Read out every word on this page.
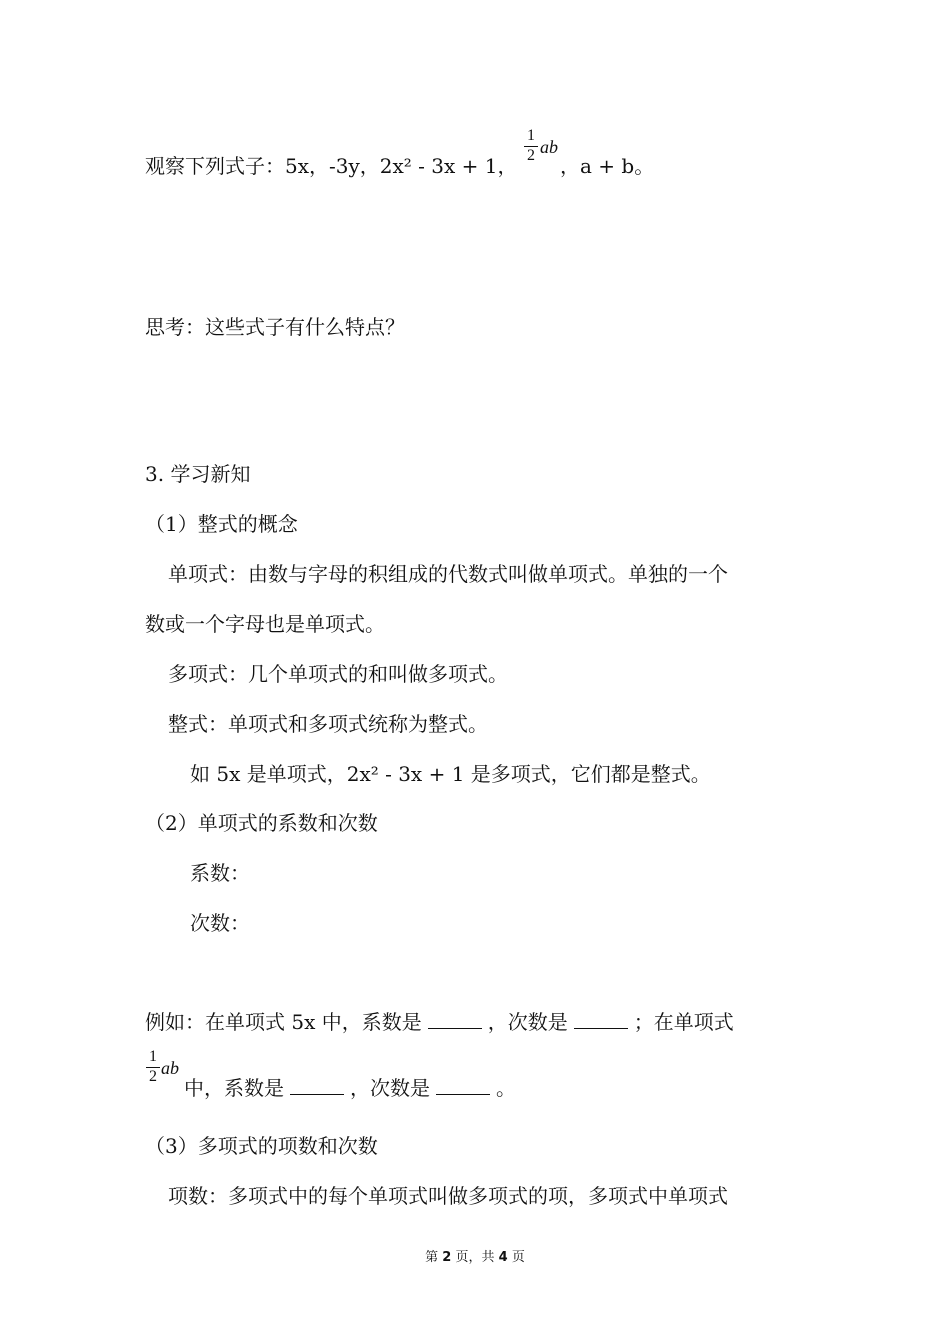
观察下列式子：5x，-3y，2x² - 3x + 1，
1
2 ab
，a + b。
思考：这些式子有什么特点？
3. 学习新知
（1）整式的概念
单项式：由数与字母的积组成的代数式叫做单项式。单独的一个
数或一个字母也是单项式。
多项式：几个单项式的和叫做多项式。
整式：单项式和多项式统称为整式。
如 5x 是单项式，2x² - 3x + 1 是多项式，它们都是整式。
（2）单项式的系数和次数
系数：
次数：
例如：在单项式 5x 中，系数是	，次数是	；在单项式
1
2 ab
中，系数是	，次数是	。
（3）多项式的项数和次数
项数：多项式中的每个单项式叫做多项式的项，多项式中单项式
第 2 页，共 4 页
